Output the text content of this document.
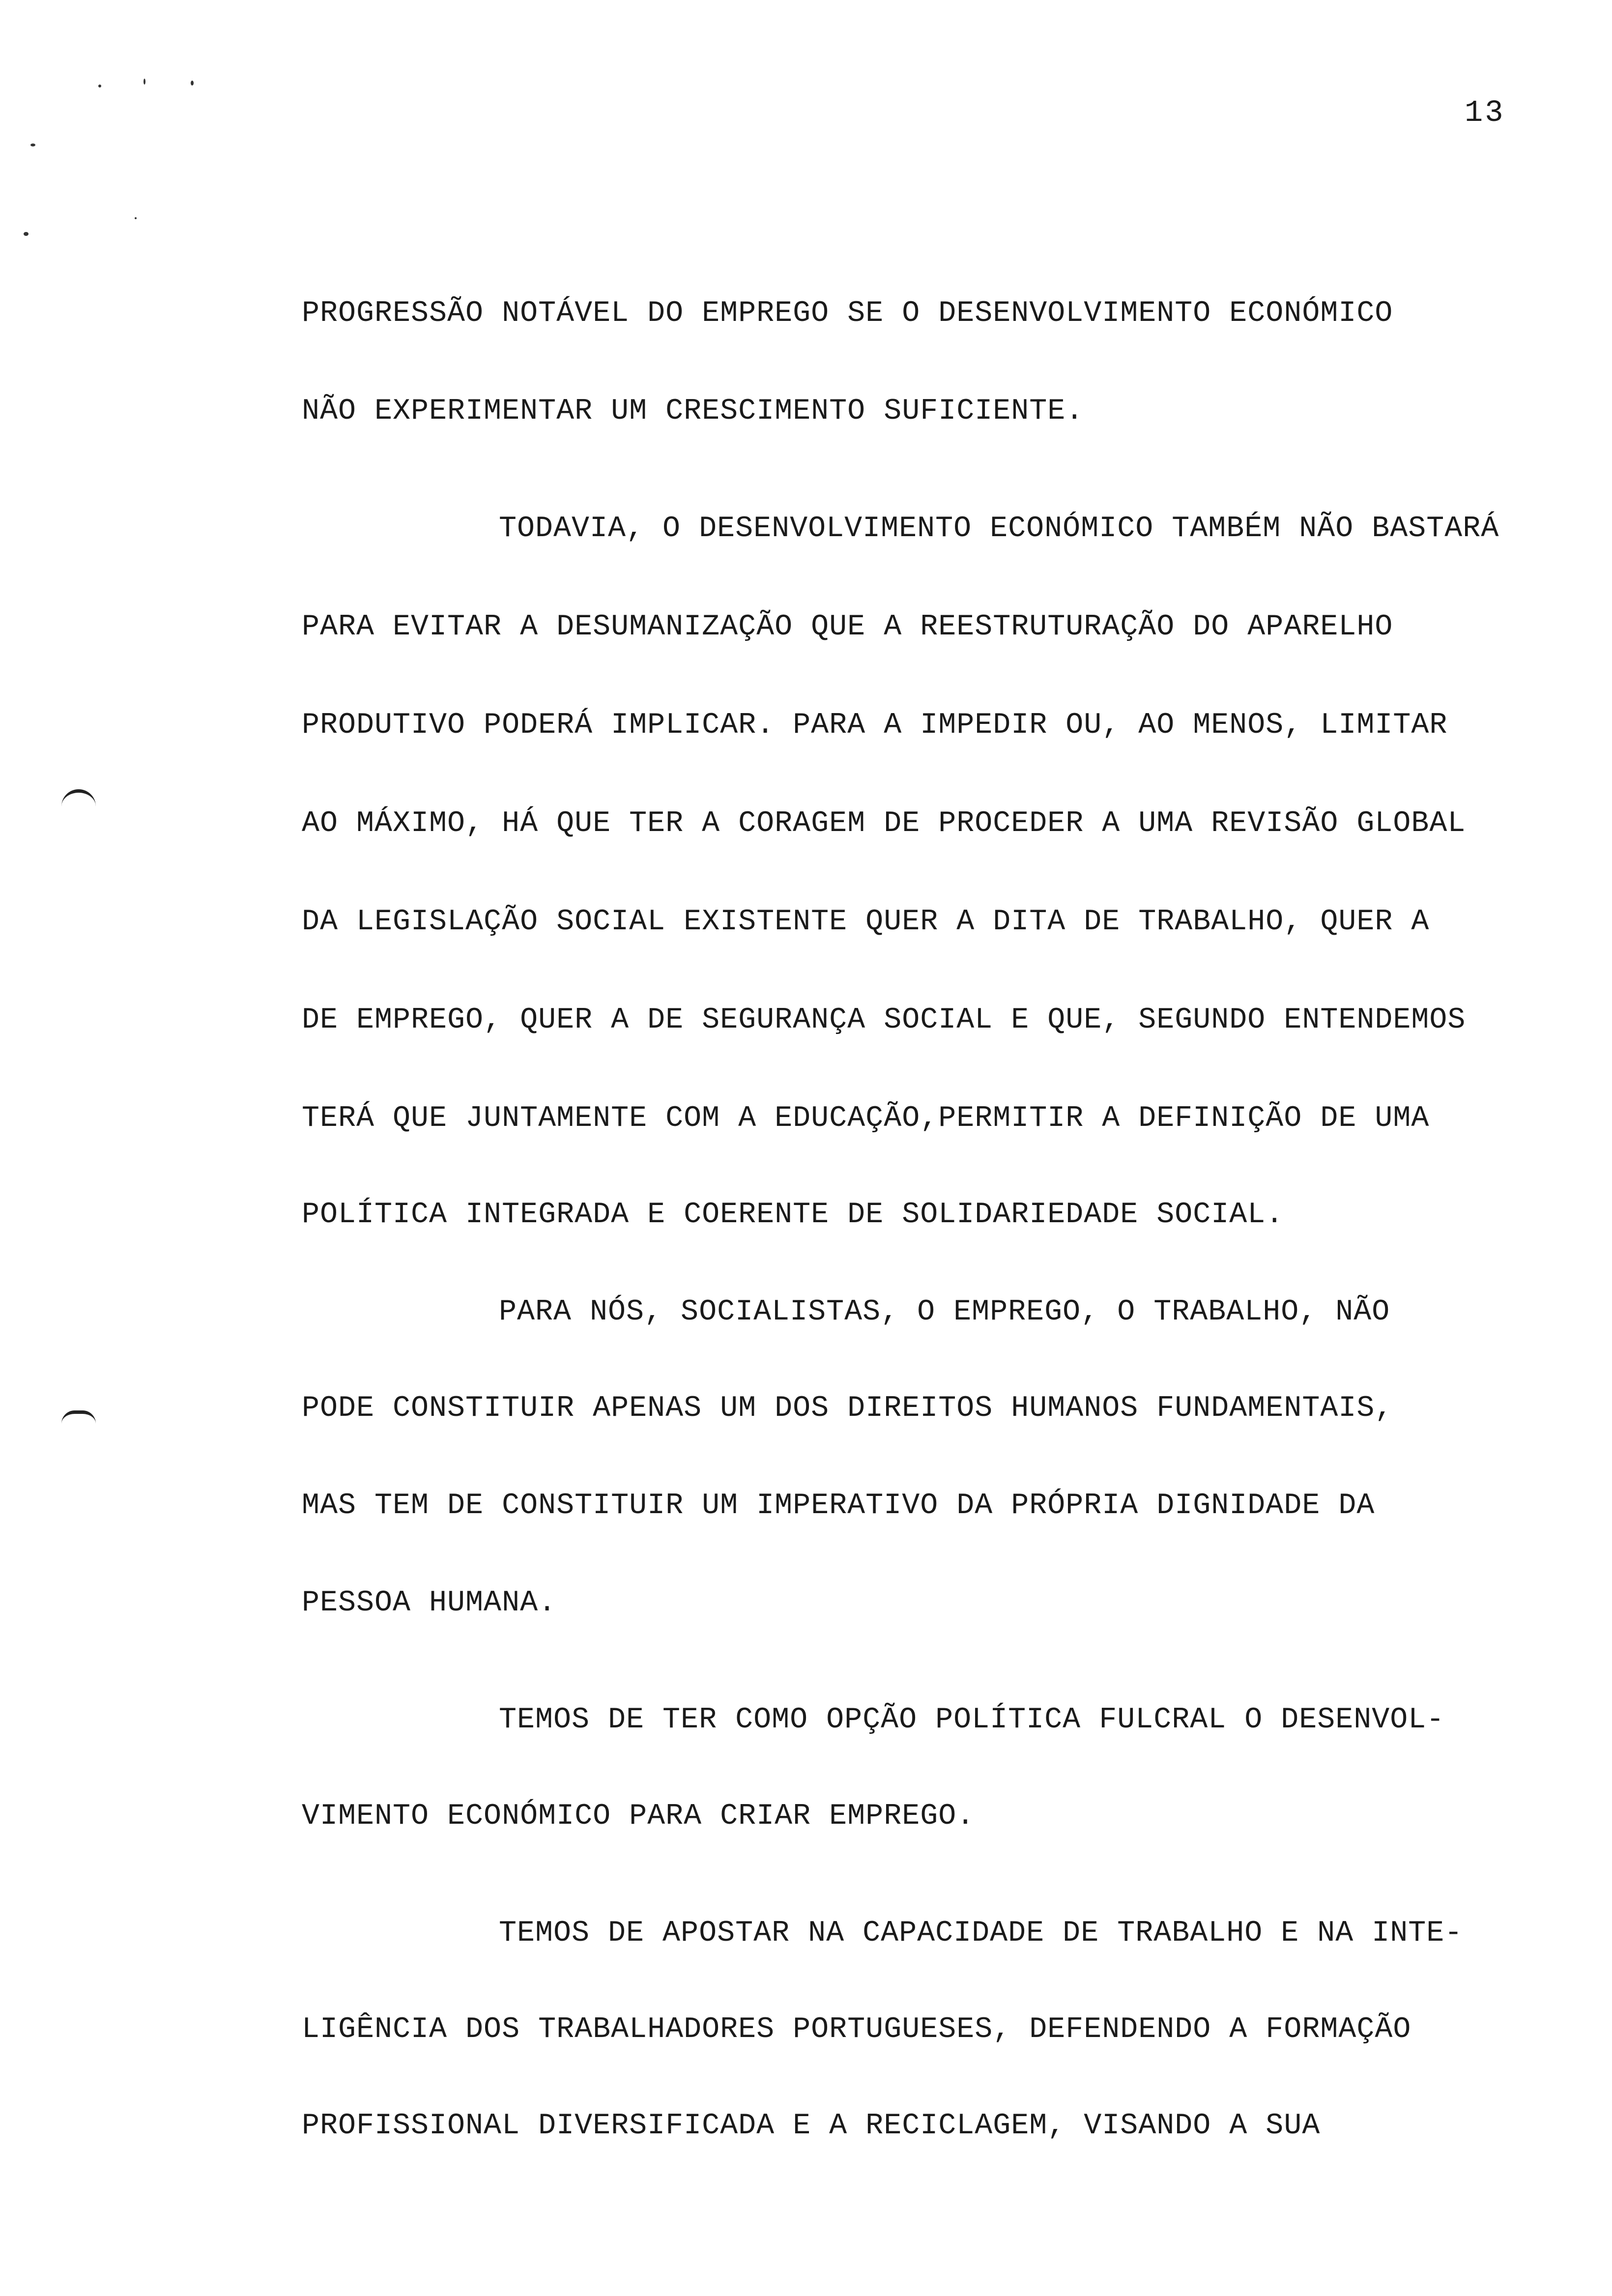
13
PROGRESSÃO NOTÁVEL DO EMPREGO SE O DESENVOLVIMENTO ECONÓMICO
NÃO EXPERIMENTAR UM CRESCIMENTO SUFICIENTE.
TODAVIA, O DESENVOLVIMENTO ECONÓMICO TAMBÉM NÃO BASTARÁ
PARA EVITAR A DESUMANIZAÇÃO QUE A REESTRUTURAÇÃO DO APARELHO
PRODUTIVO PODERÁ IMPLICAR. PARA A IMPEDIR OU, AO MENOS, LIMITAR
AO MÁXIMO, HÁ QUE TER A CORAGEM DE PROCEDER A UMA REVISÃO GLOBAL
DA LEGISLAÇÃO SOCIAL EXISTENTE QUER A DITA DE TRABALHO, QUER A
DE EMPREGO, QUER A DE SEGURANÇA SOCIAL E QUE, SEGUNDO ENTENDEMOS
TERÁ QUE JUNTAMENTE COM A EDUCAÇÃO,PERMITIR A DEFINIÇÃO DE UMA
POLÍTICA INTEGRADA E COERENTE DE SOLIDARIEDADE SOCIAL.
PARA NÓS, SOCIALISTAS, O EMPREGO, O TRABALHO, NÃO
PODE CONSTITUIR APENAS UM DOS DIREITOS HUMANOS FUNDAMENTAIS,
MAS TEM DE CONSTITUIR UM IMPERATIVO DA PRÓPRIA DIGNIDADE DA
PESSOA HUMANA.
TEMOS DE TER COMO OPÇÃO POLÍTICA FULCRAL O DESENVOL-
VIMENTO ECONÓMICO PARA CRIAR EMPREGO.
TEMOS DE APOSTAR NA CAPACIDADE DE TRABALHO E NA INTE-
LIGÊNCIA DOS TRABALHADORES PORTUGUESES, DEFENDENDO A FORMAÇÃO
PROFISSIONAL DIVERSIFICADA E A RECICLAGEM, VISANDO A SUA
